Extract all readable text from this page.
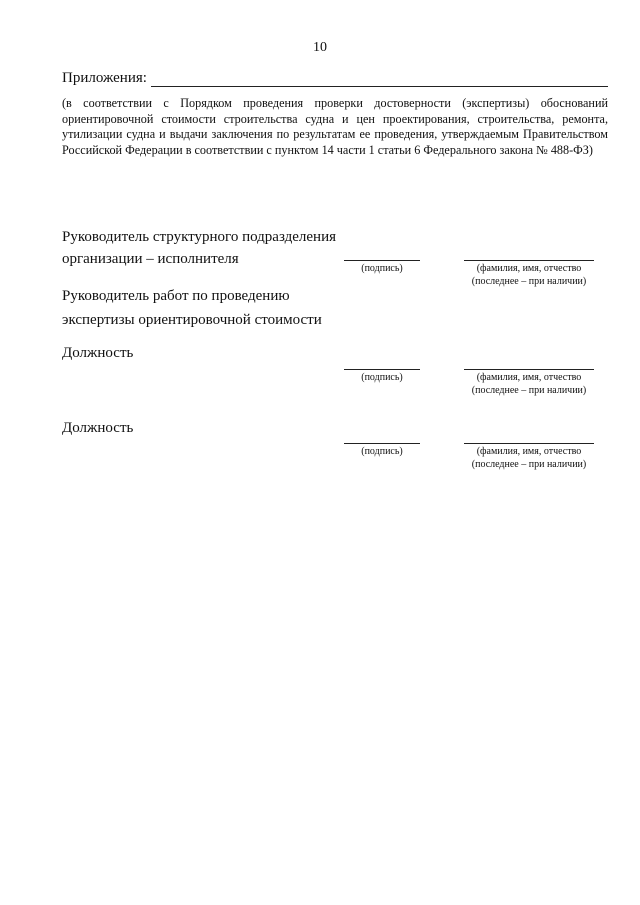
10
Приложения:
(в соответствии с Порядком проведения проверки достоверности (экспертизы) обоснований ориентировочной стоимости строительства судна и цен проектирования, строительства, ремонта, утилизации судна и выдачи заключения по результатам ее проведения, утверждаемым Правительством Российской Федерации в соответствии с пунктом 14 части 1 статьи 6 Федерального закона № 488-ФЗ)
Руководитель структурного подразделения
организации – исполнителя
(подпись)	(фамилия, имя, отчество
(последнее – при наличии)
Руководитель работ по проведению
экспертизы ориентировочной стоимости
Должность
(подпись)	(фамилия, имя, отчество
(последнее – при наличии)
Должность
(подпись)	(фамилия, имя, отчество
(последнее – при наличии)
